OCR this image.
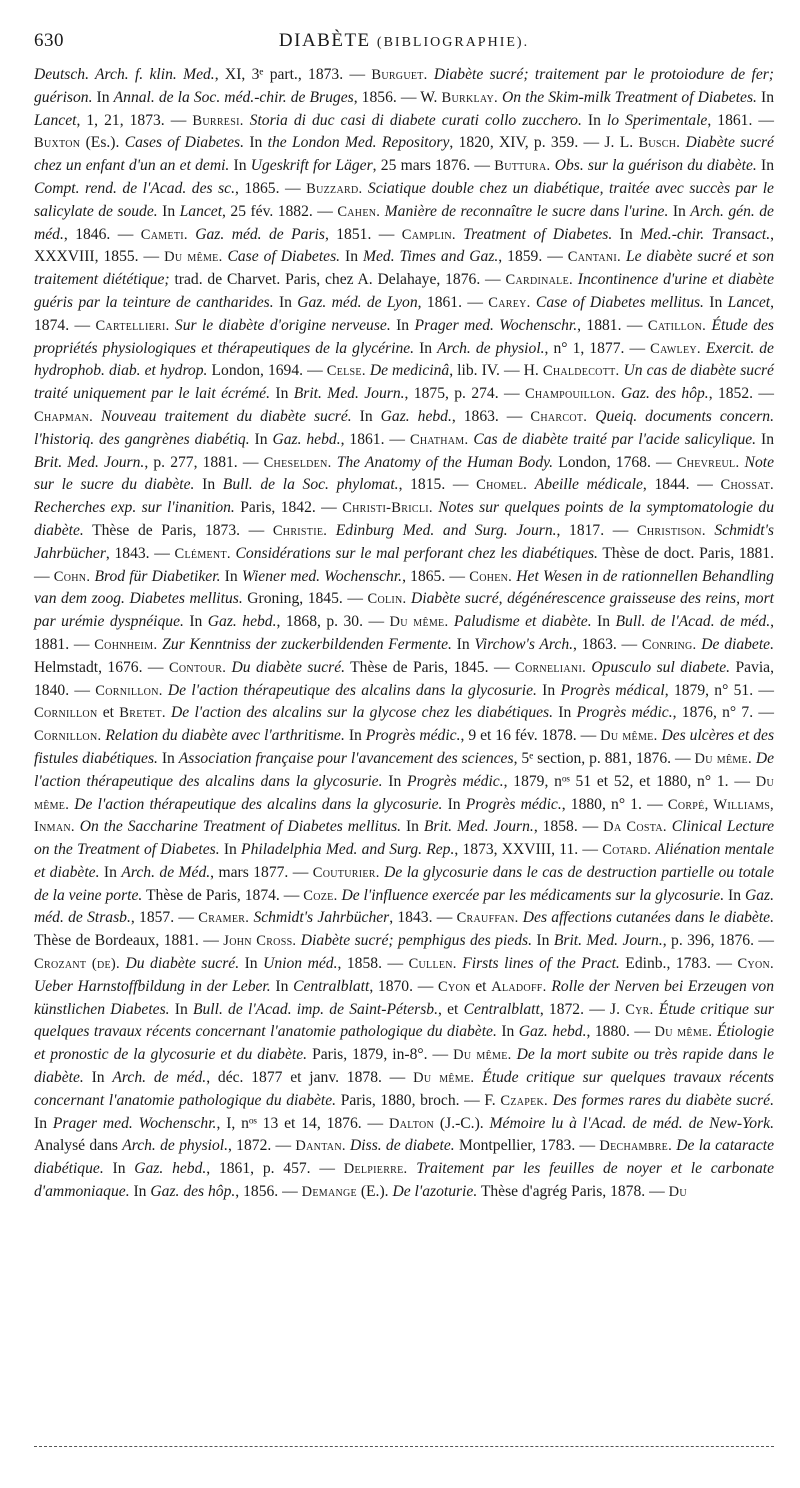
630	DIABÈTE (BIBLIOGRAPHIE).
Deutsch. Arch. f. klin. Med., XI, 3ᵉ part., 1873. — Burguet. Diabète sucré; traitement par le protoiodure de fer; guérison. In Annal. de la Soc. méd.-chir. de Bruges, 1856. — W. Burklay. On the Skim-milk Treatment of Diabetes. In Lancet, 1, 21, 1873. — Burresi. Storia di duc casi di diabete curati collo zucchero. In lo Sperimentale, 1861. — Buxton (Es.). Cases of Diabetes. In the London Med. Repository, 1820, XIV, p. 359. — J. L. Busch. Diabète sucré chez un enfant d'un an et demi. In Ugeskrift for Läger, 25 mars 1876. — Buttura. Obs. sur la guérison du diabète. In Compt. rend. de l'Acad. des sc., 1865. — Buzzard. Sciatique double chez un diabétique, traitée avec succès par le salicylate de soude. In Lancet, 25 fév. 1882. — Cahen. Manière de reconnaître le sucre dans l'urine. In Arch. gén. de méd., 1846. — Cameti. Gaz. méd. de Paris, 1851. — Camplin. Treatment of Diabetes. In Med.-chir. Transact., XXXVIII, 1855. — Du même. Case of Diabetes. In Med. Times and Gaz., 1859. — Cantani. Le diabète sucré et son traitement diététique; trad. de Charvet. Paris, chez A. Delahaye, 1876. — Cardinale. Incontinence d'urine et diabète guéris par la teinture de cantharides. In Gaz. méd. de Lyon, 1861. — Carey. Case of Diabetes mellitus. In Lancet, 1874. — Cartellieri. Sur le diabète d'origine nerveuse. In Prager med. Wochenschr., 1881. — Catillon. Étude des propriétés physiologiques et thérapeutiques de la glycérine. In Arch. de physiol., n° 1, 1877. — Cawley. Exercit. de hydrophob. diab. et hydrop. London, 1694. — Celse. De medicinâ, lib. IV. — H. Chaldecott. Un cas de diabète sucré traité uniquement par le lait écrémé. In Brit. Med. Journ., 1875, p. 274. — Champouillon. Gaz. des hôp., 1852. — Chapman. Nouveau traitement du diabète sucré. In Gaz. hebd., 1863. — Charcot. Queiq. documents concern. l'historiq. des gangrènes diabétiq. In Gaz. hebd., 1861. — Chatham. Cas de diabète traité par l'acide salicylique. In Brit. Med. Journ., p. 277, 1881. — Cheselden. The Anatomy of the Human Body. London, 1768. — Chevreul. Note sur le sucre du diabète. In Bull. de la Soc. phylomat., 1815. — Chomel. Abeille médicale, 1844. — Chossat. Recherches exp. sur l'inanition. Paris, 1842. — Christi-Bricli. Notes sur quelques points de la symptomatologie du diabète. Thèse de Paris, 1873. — Christie. Edinburg Med. and Surg. Journ., 1817. — Christison. Schmidt's Jahrbücher, 1843. — Clément. Considérations sur le mal perforant chez les diabétiques. Thèse de doct. Paris, 1881. — Cohn. Brod für Diabetiker. In Wiener med. Wochenschr., 1865. — Cohen. Het Wesen in de rationnellen Behandling van dem zoog. Diabetes mellitus. Groning, 1845. — Colin. Diabète sucré, dégénérescence graisseuse des reins, mort par urémie dyspnéique. In Gaz. hebd., 1868, p. 30. — Du même. Paludisme et diabète. In Bull. de l'Acad. de méd., 1881. — Cohnheim. Zur Kenntniss der zuckerbildenden Fermente. In Virchow's Arch., 1863. — Conring. De diabete. Helmstadt, 1676. — Contour. Du diabète sucré. Thèse de Paris, 1845. — Corneliani. Opusculo sul diabete. Pavia, 1840. — Cornillon. De l'action thérapeutique des alcalins dans la glycosurie. In Progrès médical, 1879, n° 51. — Cornillon et Bretet. De l'action des alcalins sur la glycose chez les diabétiques. In Progrès médic., 1876, n° 7. — Cornillon. Relation du diabète avec l'arthritisme. In Progrès médic., 9 et 16 fév. 1878. — Du même. Des ulcères et des fistules diabétiques. In Association française pour l'avancement des sciences, 5ᵉ section, p. 881, 1876. — Du même. De l'action thérapeutique des alcalins dans la glycosurie. In Progrès médic., 1879, nᵒˢ 51 et 52, et 1880, n° 1. — Du même. De l'action thérapeutique des alcalins dans la glycosurie. In Progrès médic., 1880, n° 1. — Corpé, Williams, Inman. On the Saccharine Treatment of Diabetes mellitus. In Brit. Med. Journ., 1858. — Da Costa. Clinical Lecture on the Treatment of Diabetes. In Philadelphia Med. and Surg. Rep., 1873, XXVIII, 11. — Cotard. Aliénation mentale et diabète. In Arch. de Méd., mars 1877. — Couturier. De la glycosurie dans le cas de destruction partielle ou totale de la veine porte. Thèse de Paris, 1874. — Coze. De l'influence exercée par les médicaments sur la glycosurie. In Gaz. méd. de Strasb., 1857. — Cramer. Schmidt's Jahrbücher, 1843. — Crauffan. Des affections cutanées dans le diabète. Thèse de Bordeaux, 1881. — John Cross. Diabète sucré; pemphigus des pieds. In Brit. Med. Journ., p. 396, 1876. — Crozant (de). Du diabète sucré. In Union méd., 1858. — Cullen. Firsts lines of the Pract. Edinb., 1783. — Cyon. Ueber Harnstoffbildung in der Leber. In Centralblatt, 1870. — Cyon et Aladoff. Rolle der Nerven bei Erzeugen von künstlichen Diabetes. In Bull. de l'Acad. imp. de Saint-Pétersb., et Centralblatt, 1872. — J. Cyr. Étude critique sur quelques travaux récents concernant l'anatomie pathologique du diabète. In Gaz. hebd., 1880. — Du même. Étiologie et pronostic de la glycosurie et du diabète. Paris, 1879, in-8°. — Du même. De la mort subite ou très rapide dans le diabète. In Arch. de méd., déc. 1877 et janv. 1878. — Du même. Étude critique sur quelques travaux récents concernant l'anatomie pathologique du diabète. Paris, 1880, broch. — F. Czapek. Des formes rares du diabète sucré. In Prager med. Wochenschr., I, nᵒˢ 13 et 14, 1876. — Dalton (J.-C.). Mémoire lu à l'Acad. de méd. de New-York. Analysé dans Arch. de physiol., 1872. — Dantan. Diss. de diabete. Montpellier, 1783. — Dechambre. De la cataracte diabétique. In Gaz. hebd., 1861, p. 457. — Delpierre. Traitement par les feuilles de noyer et le carbonate d'ammoniaque. In Gaz. des hôp., 1856. — Demange (E.). De l'azoturie. Thèse d'agrég Paris, 1878. — Du
